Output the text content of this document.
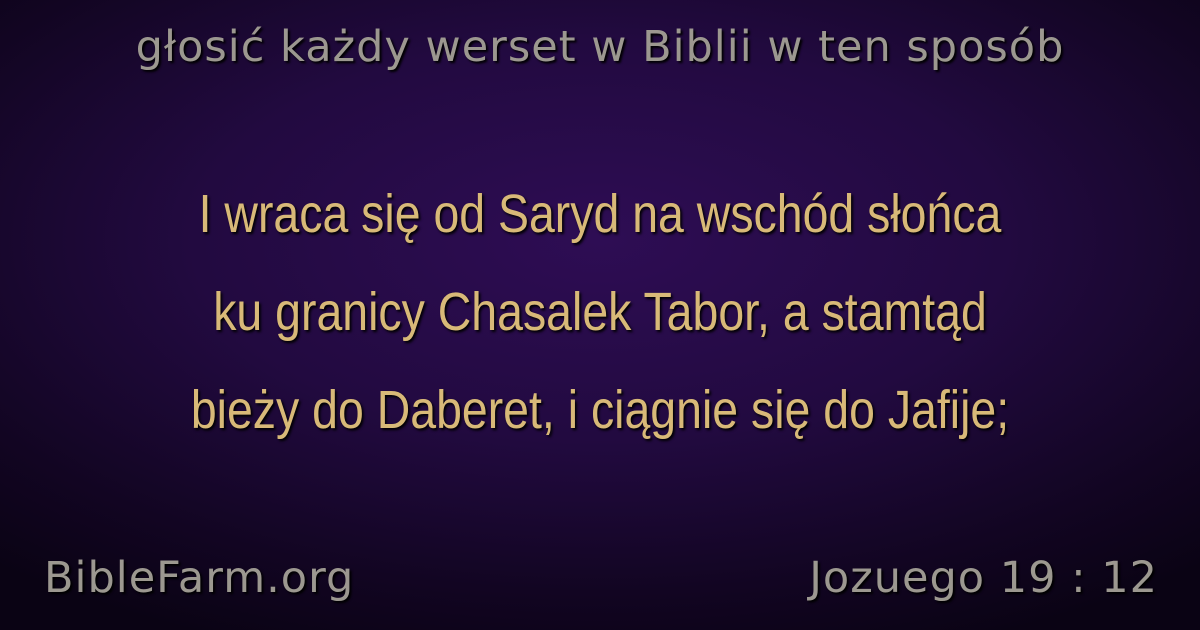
głosić każdy werset w Biblii w ten sposób
I wraca się od Saryd na wschód słońca
ku granicy Chasalek Tabor, a stamtąd
bieży do Daberet, i ciągnie się do Jafije;
BibleFarm.org	Jozuego 19 : 12
